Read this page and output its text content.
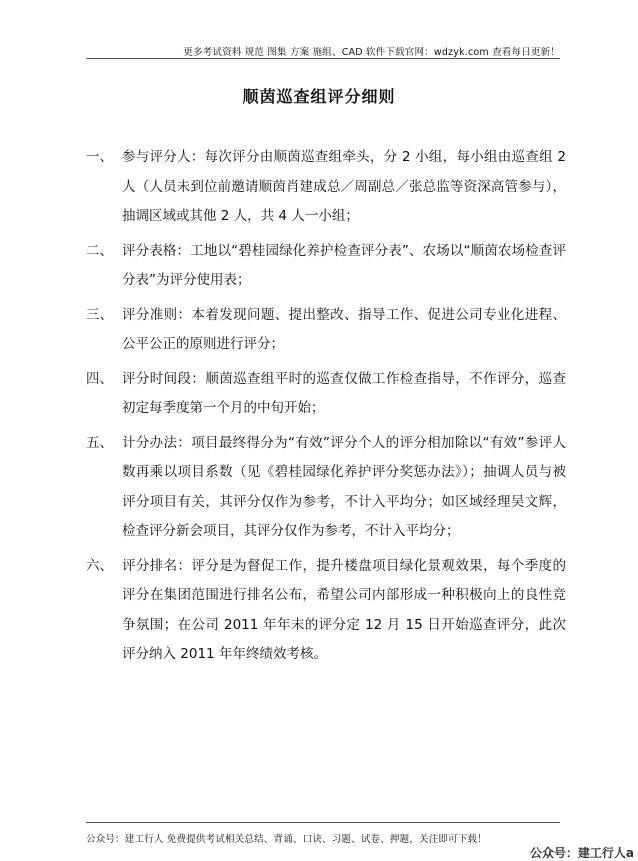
更多考试资料 规范 图集 方案 施组、CAD 软件下载官网：wdzyk.com 查看每日更新！
顺茵巡查组评分细则
一、 参与评分人：每次评分由顺茵巡查组牵头，分 2 小组，每小组由巡查组 2 人（人员未到位前邀请顺茵肖建成总／周副总／张总监等资深高管参与），抽调区域或其他 2 人，共 4 人一小组；
二、 评分表格：工地以“碧桂园绿化养护检查评分表”、农场以“顺茵农场检查评分表”为评分使用表；
三、 评分准则：本着发现问题、提出整改、指导工作、促进公司专业化进程、公平公正的原则进行评分；
四、 评分时间段：顺茵巡查组平时的巡查仅做工作检查指导，不作评分，巡查初定每季度第一个月的中旬开始；
五、 计分办法：项目最终得分为“有效”评分个人的评分相加除以“有效”参评人数再乘以项目系数（见《碧桂园绿化养护评分奖惩办法》）；抽调人员与被评分项目有关，其评分仅作为参考，不计入平均分；如区域经理吴文辉，检查评分新会项目，其评分仅作为参考，不计入平均分；
六、 评分排名：评分是为督促工作，提升楼盘项目绿化景观效果，每个季度的评分在集团范围进行排名公布，希望公司内部形成一种积极向上的良性竞争氛围；在公司 2011 年年末的评分定 12 月 15 日开始巡查评分，此次评分纳入 2011 年年终绩效考核。
公众号：建工行人 免费提供考试相关总结、背诵、口诀、习题、试卷、押题，关注即可下载！
公众号：建工行人a
